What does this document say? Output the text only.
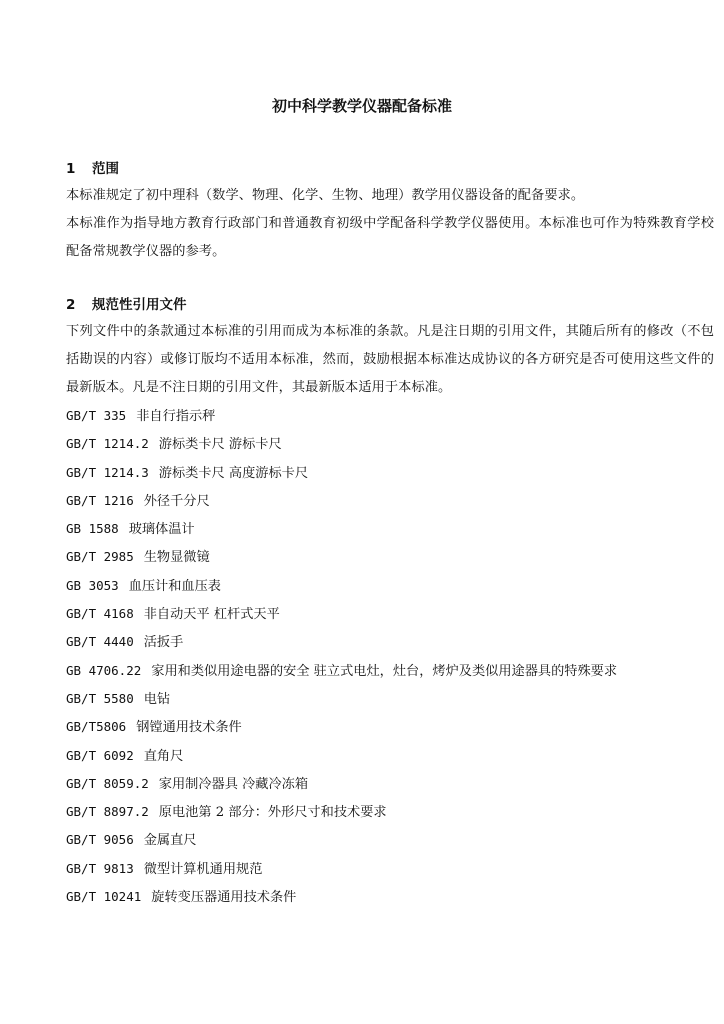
初中科学教学仪器配备标准
1 范围

本标准规定了初中理科（数学、物理、化学、生物、地理）教学用仪器设备的配备要求。

本标准作为指导地方教育行政部门和普通教育初级中学配备科学教学仪器使用。本标准也可作为特殊教育学校配备常规教学仪器的参考。

2 规范性引用文件

下列文件中的条款通过本标准的引用而成为本标准的条款。凡是注日期的引用文件，其随后所有的修改（不包括勘误的内容）或修订版均不适用本标准，然而，鼓励根据本标准达成协议的各方研究是否可使用这些文件的最新版本。凡是不注日期的引用文件，其最新版本适用于本标准。

GB/T 335 非自行指示秤
GB/T 1214.2 游标类卡尺 游标卡尺
GB/T 1214.3 游标类卡尺 高度游标卡尺
GB/T 1216 外径千分尺
GB 1588 玻璃体温计
GB/T 2985 生物显微镜
GB 3053 血压计和血压表
GB/T 4168 非自动天平 杠杆式天平
GB/T 4440 活扳手
GB 4706.22 家用和类似用途电器的安全 驻立式电灶，灶台，烤炉及类似用途器具的特殊要求
GB/T 5580 电钻
GB/T5806 钢镗通用技术条件
GB/T 6092 直角尺
GB/T 8059.2 家用制冷器具 冷藏冷冻箱
GB/T 8897.2 原电池第 2 部分：外形尺寸和技术要求
GB/T 9056 金属直尺
GB/T 9813 微型计算机通用规范
GB/T 10241 旋转变压器通用技术条件
